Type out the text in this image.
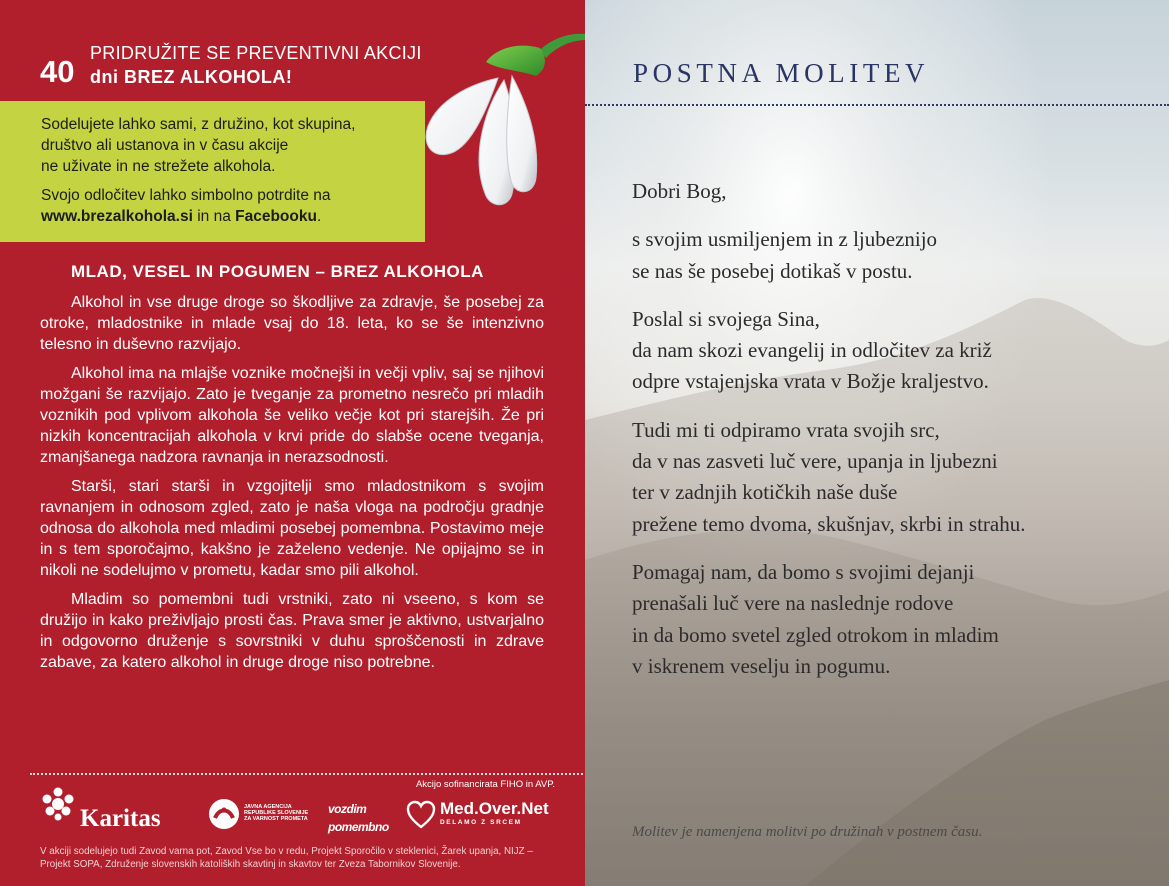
40
PRIDRUŽITE SE PREVENTIVNI AKCIJI
dni BREZ ALKOHOLA!

Sodelujete lahko sami, z družino, kot skupina,
društvo ali ustanova in v času akcije
ne uživate in ne strežete alkohola.

Svojo odločitev lahko simbolno potrdite na
www.brezalkohola.si in na Facebooku.

MLAD, VESEL IN POGUMEN – BREZ ALKOHOLA

Alkohol in vse druge droge so škodljive za zdravje, še posebej za otroke, mladostnike in mlade vsaj do 18. leta, ko se še intenzivno telesno in duševno razvijajo.

Alkohol ima na mlajše voznike močnejši in večji vpliv, saj se njihovi možgani še razvijajo. Zato je tveganje za prometno nesrečo pri mladih voznikih pod vplivom alkohola še veliko večje kot pri starejših. Že pri nizkih koncentracijah alkohola v krvi pride do slabše ocene tveganja, zmanjšanega nadzora ravnanja in nerazsodnosti.

Starši, stari starši in vzgojitelji smo mladostnikom s svojim ravnanjem in odnosom zgled, zato je naša vloga na področju gradnje odnosa do alkohola med mladimi posebej pomembna. Postavimo meje in s tem sporočajmo, kakšno je zaželeno vedenje. Ne opijajmo se in nikoli ne sodelujmo v prometu, kadar smo pili alkohol.

Mladim so pomembni tudi vrstniki, zato ni vseeno, s kom se družijo in kako preživljajo prosti čas. Prava smer je aktivno, ustvarjalno in odgovorno druženje s sovrstniki v duhu sproščenosti in zdrave zabave, za katero alkohol in druge droge niso potrebne.

Akcijo sofinancirata FIHO in AVP.
Karitas	JAVNA AGENCIJA REPUBLIKE SLOVENIJE ZA VARNOST PROMETA
vozdim pomembno
Med.Over.Net
DELAMO Z SRCEM
V akciji sodelujejo tudi Zavod varna pot, Zavod Vse bo v redu, Projekt Sporočilo v steklenici, Žarek upanja, NIJZ – Projekt SOPA, Združenje slovenskih katoliških skavtinj in skavtov ter Zveza Tabornikov Slovenije.
POSTNA MOLITEV
Dobri Bog,
s svojim usmiljenjem in z ljubeznijo
se nas še posebej dotikaš v postu.
Poslal si svojega Sina,
da nam skozi evangelij in odločitev za križ
odpre vstajenjska vrata v Božje kraljestvo.
Tudi mi ti odpiramo vrata svojih src,
da v nas zasveti luč vere, upanja in ljubezni
ter v zadnjih kotičkih naše duše
prežene temo dvoma, skušnjav, skrbi in strahu.
Pomagaj nam, da bomo s svojimi dejanji
prenašali luč vere na naslednje rodove
in da bomo svetel zgled otrokom in mladim
v iskrenem veselju in pogumu.
Molitev je namenjena molitvi po družinah v postnem času.
